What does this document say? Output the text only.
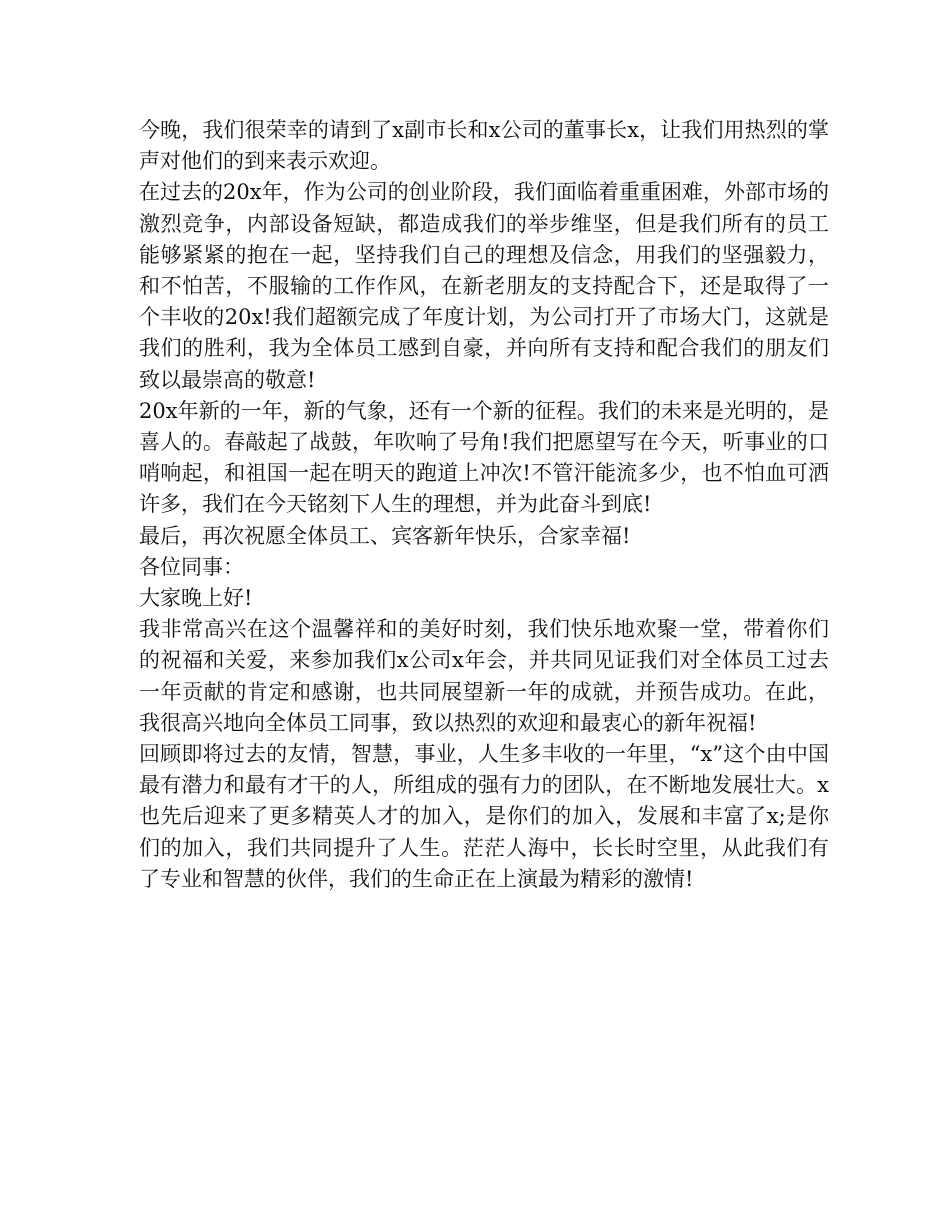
今晚，我们很荣幸的请到了x副市长和x公司的董事长x，让我们用热烈的掌声对他们的到来表示欢迎。

在过去的20x年，作为公司的创业阶段，我们面临着重重困难，外部市场的激烈竞争，内部设备短缺，都造成我们的举步维坚，但是我们所有的员工能够紧紧的抱在一起，坚持我们自己的理想及信念，用我们的坚强毅力，和不怕苦，不服输的工作作风，在新老朋友的支持配合下，还是取得了一个丰收的20x!我们超额完成了年度计划，为公司打开了市场大门，这就是我们的胜利，我为全体员工感到自豪，并向所有支持和配合我们的朋友们致以最崇高的敬意!

20x年新的一年，新的气象，还有一个新的征程。我们的未来是光明的，是喜人的。春敲起了战鼓，年吹响了号角!我们把愿望写在今天，听事业的口哨响起，和祖国一起在明天的跑道上冲次!不管汗能流多少，也不怕血可洒许多，我们在今天铭刻下人生的理想，并为此奋斗到底!

最后，再次祝愿全体员工、宾客新年快乐，合家幸福!

各位同事：

大家晚上好!

我非常高兴在这个温馨祥和的美好时刻，我们快乐地欢聚一堂，带着你们的祝福和关爱，来参加我们x公司x年会，并共同见证我们对全体员工过去一年贡献的肯定和感谢，也共同展望新一年的成就，并预告成功。在此，我很高兴地向全体员工同事，致以热烈的欢迎和最衷心的新年祝福!

回顾即将过去的友情，智慧，事业，人生多丰收的一年里，“x”这个由中国最有潜力和最有才干的人，所组成的强有力的团队，在不断地发展壮大。x也先后迎来了更多精英人才的加入，是你们的加入，发展和丰富了x;是你们的加入，我们共同提升了人生。茫茫人海中，长长时空里，从此我们有了专业和智慧的伙伴，我们的生命正在上演最为精彩的激情!
